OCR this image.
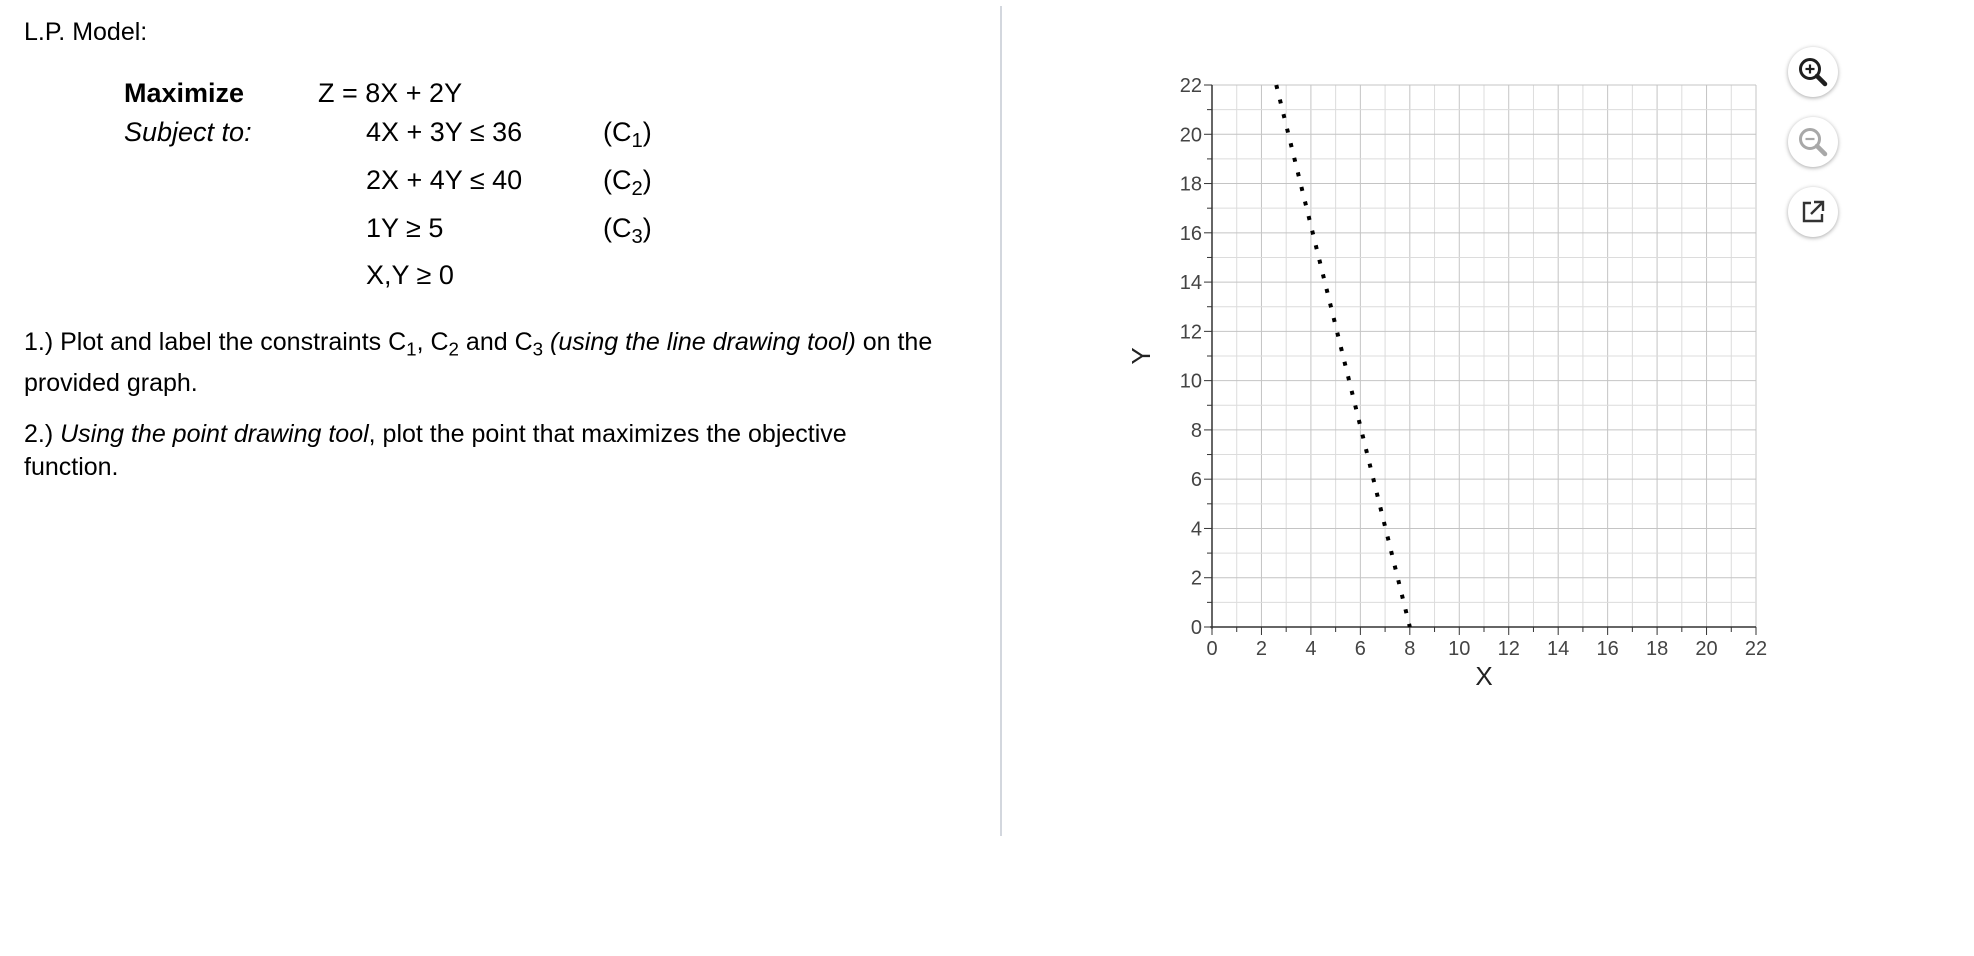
L.P. Model:
Maximize	Z = 8X + 2Y
Subject to:	4X + 3Y ≤ 36	$(C_1)$
2X + 4Y ≤ 40	$(C_2)$
1Y ≥ 5	$(C_3)$
X,Y ≥ 0
1.) Plot and label the constraints $C_1$, $C_2$ and $C_3$ (using the line drawing tool) on the provided graph.
2.) Using the point drawing tool, plot the point that maximizes the objective function.
0 2 4 6 8 10 12 14 16 18 20 22
0
2
4
6
8
10
12
14
16
18
20
22
X
Y
